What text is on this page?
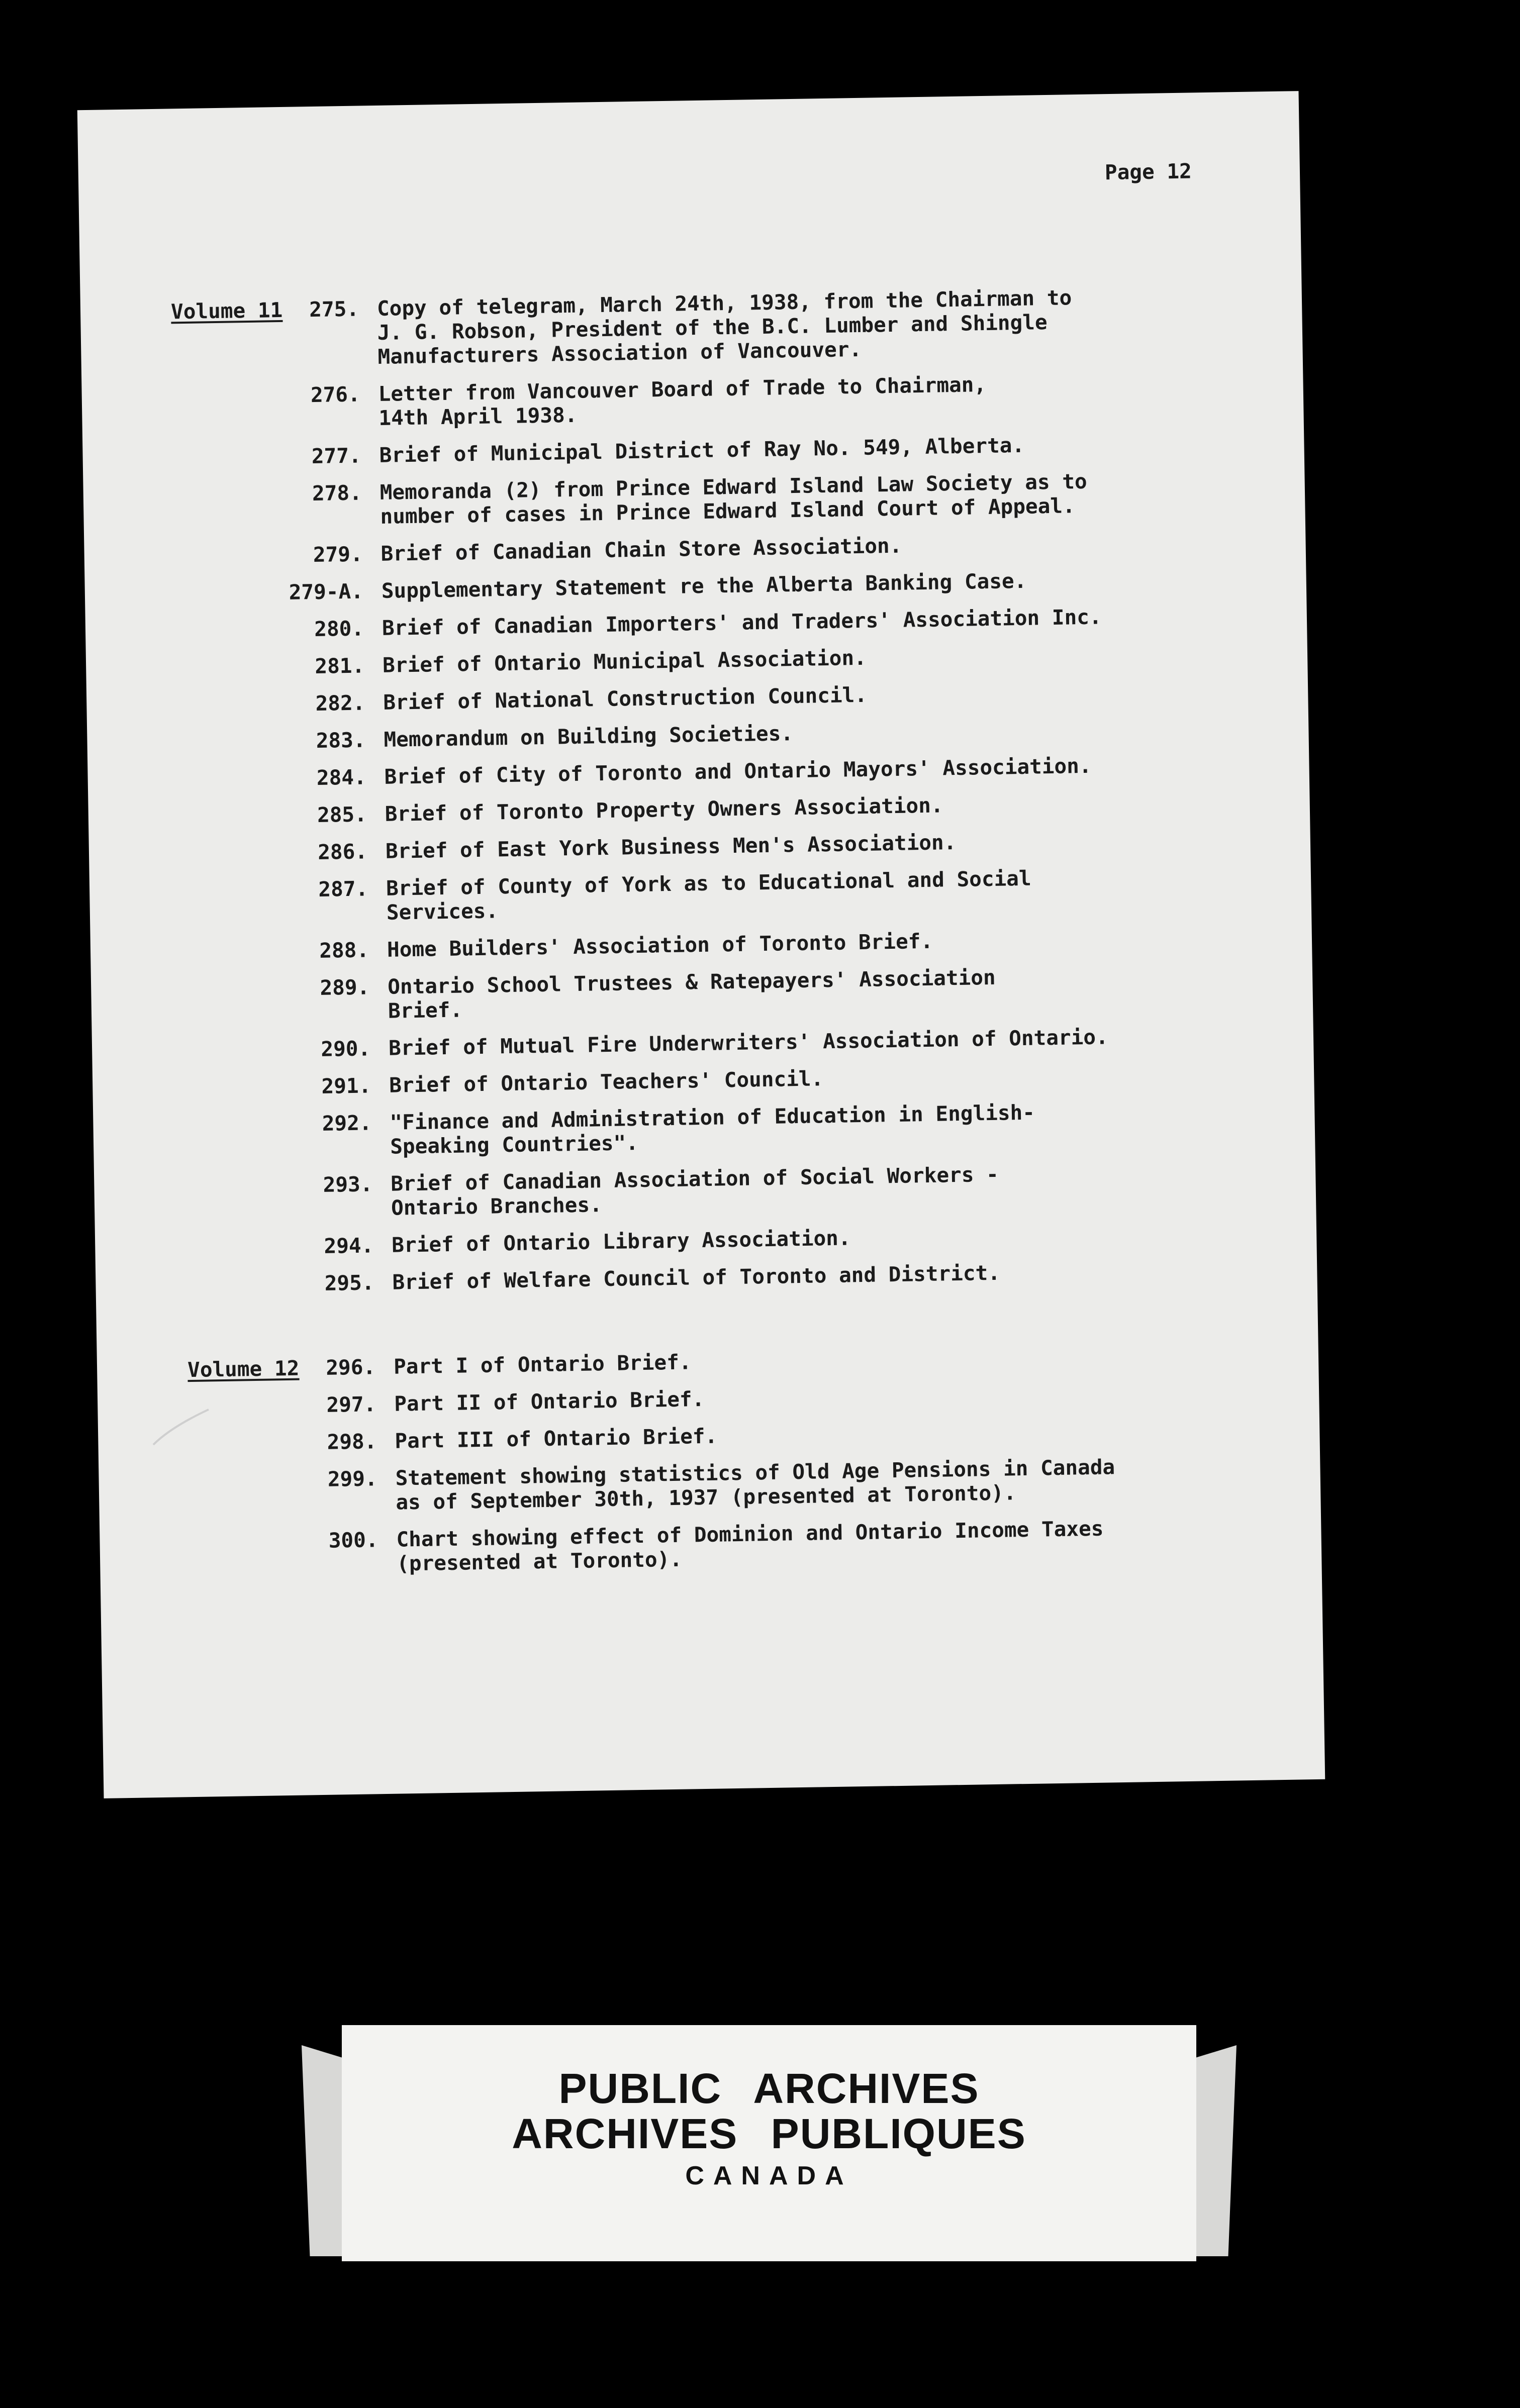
Page 12
Volume 11	275. Copy of telegram, March 24th, 1938, from the Chairman to
J. G. Robson, President of the B.C. Lumber and Shingle
Manufacturers Association of Vancouver.
276. Letter from Vancouver Board of Trade to Chairman,
14th April 1938.
277. Brief of Municipal District of Ray No. 549, Alberta.
278. Memoranda (2) from Prince Edward Island Law Society as to
number of cases in Prince Edward Island Court of Appeal.
279. Brief of Canadian Chain Store Association.
279-A. Supplementary Statement re the Alberta Banking Case.
280. Brief of Canadian Importers' and Traders' Association Inc.
281. Brief of Ontario Municipal Association.
282. Brief of National Construction Council.
283. Memorandum on Building Societies.
284. Brief of City of Toronto and Ontario Mayors' Association.
285. Brief of Toronto Property Owners Association.
286. Brief of East York Business Men's Association.
287. Brief of County of York as to Educational and Social
Services.
288. Home Builders' Association of Toronto Brief.
289. Ontario School Trustees & Ratepayers' Association
Brief.
290. Brief of Mutual Fire Underwriters' Association of Ontario.
291. Brief of Ontario Teachers' Council.
292. "Finance and Administration of Education in English-
Speaking Countries".
293. Brief of Canadian Association of Social Workers -
Ontario Branches.
294. Brief of Ontario Library Association.
295. Brief of Welfare Council of Toronto and District.
Volume 12	296. Part I of Ontario Brief.
297. Part II of Ontario Brief.
298. Part III of Ontario Brief.
299. Statement showing statistics of Old Age Pensions in Canada
as of September 30th, 1937 (presented at Toronto).
300. Chart showing effect of Dominion and Ontario Income Taxes
(presented at Toronto).
PUBLIC ARCHIVES
ARCHIVES PUBLIQUES
CANADA
